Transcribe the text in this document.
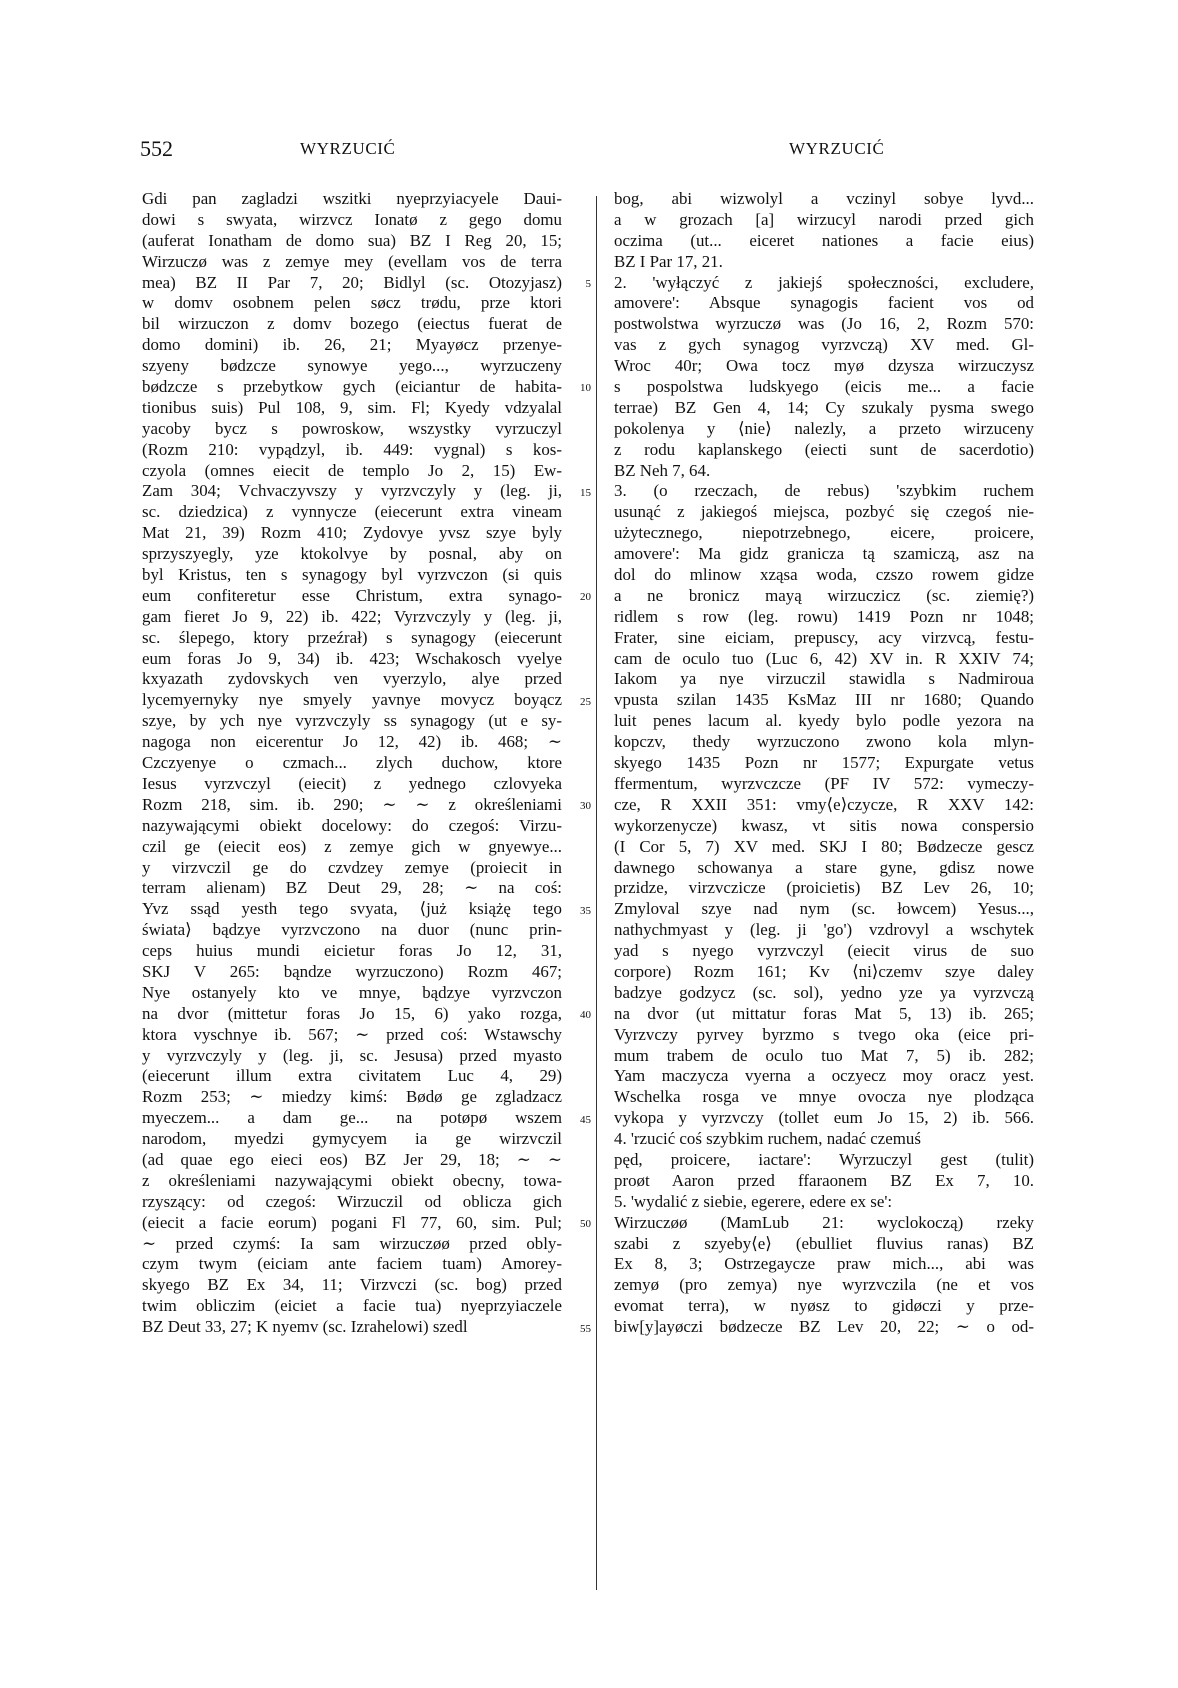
552	WYRZUCIĆ	WYRZUCIĆ
Gdi pan zagladzi wszitki nyeprzyiacyele Daui-
dowi s swyata, wirzvcz Ionatø z gego domu
(auferat Ionatham de domo sua) BZ I Reg 20, 15;
Wirzuczø was z zemye mey (evellam vos de terra
mea) BZ II Par 7, 20; Bidlyl (sc. Otozyjasz)
w domv osobnem pelen søcz trødu, prze ktori
bil wirzuczon z domv bozego (eiectus fuerat de
domo domini) ib. 26, 21; Myayøcz przenye-
szyeny bødzcze synowye yego..., wyrzuczeny
bødzcze s przebytkow gych (eiciantur de habita-
tionibus suis) Pul 108, 9, sim. Fl; Kyedy vdzyalal
yacoby bycz s powroskow, wszystky vyrzuczyl
(Rozm 210: vypądzyl, ib. 449: vygnal) s kos-
czyola (omnes eiecit de templo Jo 2, 15) Ew-
Zam 304; Vchvaczyvszy y vyrzvczyly y (leg. ji,
sc. dziedzica) z vynnycze (eiecerunt extra vineam
Mat 21, 39) Rozm 410; Zydovye yvsz szye byly
sprzyszyegly, yze ktokolvye by posnal, aby on
byl Kristus, ten s synagogy byl vyrzvczon (si quis
eum confiteretur esse Christum, extra synago-
gam fieret Jo 9, 22) ib. 422; Vyrzvczyly y (leg. ji,
sc. ślepego, ktory przeźrał) s synagogy (eiecerunt
eum foras Jo 9, 34) ib. 423; Wschakosch vyelye
kxyazath zydovskych ven vyerzylo, alye przed
lycemyernyky nye smyely yavnye movycz boyącz
szye, by ych nye vyrzvczyly ss synagogy (ut e sy-
nagoga non eicerentur Jo 12, 42) ib. 468; ∼
Czczyenye o czmach... zlych duchow, ktore
Iesus vyrzvczyl (eiecit) z yednego czlovyeka
Rozm 218, sim. ib. 290; ∼ ∼ z określeniami
nazywającymi obiekt docelowy: do czegoś: Virzu-
czil ge (eiecit eos) z zemye gich w gnyewye...
y virzvczil ge do czvdzey zemye (proiecit in
terram alienam) BZ Deut 29, 28; ∼ na coś:
Yvz ssąd yesth tego svyata, ⟨już książę tego
świata⟩ bądzye vyrzvczono na duor (nunc prin-
ceps huius mundi eicietur foras Jo 12, 31,
SKJ V 265: bąndze wyrzuczono) Rozm 467;
Nye ostanyely kto ve mnye, bądzye vyrzvczon
na dvor (mittetur foras Jo 15, 6) yako rozga,
ktora vyschnye ib. 567; ∼ przed coś: Wstawschy
y vyrzvczyly y (leg. ji, sc. Jesusa) przed myasto
(eiecerunt illum extra civitatem Luc 4, 29)
Rozm 253; ∼ miedzy kimś: Bødø ge zgladzacz
myeczem... a dam ge... na potøpø wszem
narodom, myedzi gymycyem ia ge wirzvczil
(ad quae ego eieci eos) BZ Jer 29, 18; ∼ ∼
z określeniami nazywającymi obiekt obecny, towa-
rzyszący: od czegoś: Wirzuczil od oblicza gich
(eiecit a facie eorum) pogani Fl 77, 60, sim. Pul;
∼ przed czymś: Ia sam wirzuczøø przed obly-
czym twym (eiciam ante faciem tuam) Amorey-
skyego BZ Ex 34, 11; Virzvczi (sc. bog) przed
twim obliczim (eiciet a facie tua) nyeprzyiaczele
BZ Deut 33, 27; K nyemv (sc. Izrahelowi) szedl
5
10
15
20
25
30
35
40
45
50
55
bog, abi wizwolyl a vczinyl sobye lyvd...
a w grozach [a] wirzucyl narodi przed gich
oczima (ut... eiceret nationes a facie eius)
BZ I Par 17, 21.
2. 'wyłączyć z jakiejś społeczności, excludere,
amovere': Absque synagogis facient vos od
postwolstwa wyrzuczø was (Jo 16, 2, Rozm 570:
vas z gych synagog vyrzvczą) XV med. Gl-
Wroc 40r; Owa tocz myø dzysza wirzuczysz
s pospolstwa ludskyego (eicis me... a facie
terrae) BZ Gen 4, 14; Cy szukaly pysma swego
pokolenya y ⟨nie⟩ nalezly, a przeto wirzuceny
z rodu kaplanskego (eiecti sunt de sacerdotio)
BZ Neh 7, 64.
3. (o rzeczach, de rebus) 'szybkim ruchem
usunąć z jakiegoś miejsca, pozbyć się czegoś nie-
użytecznego, niepotrzebnego, eicere, proicere,
amovere': Ma gidz granicza tą szamiczą, asz na
dol do mlinow xząsa woda, czszo rowem gidze
a ne bronicz mayą wirzuczicz (sc. ziemię?)
ridlem s row (leg. rowu) 1419 Pozn nr 1048;
Frater, sine eiciam, prepuscy, acy virzvcą, festu-
cam de oculo tuo (Luc 6, 42) XV in. R XXIV 74;
Iakom ya nye virzuczil stawidla s Nadmiroua
vpusta szilan 1435 KsMaz III nr 1680; Quando
luit penes lacum al. kyedy bylo podle yezora na
kopczv, thedy wyrzuczono zwono kola mlyn-
skyego 1435 Pozn nr 1577; Expurgate vetus
ffermentum, wyrzvczcze (PF IV 572: vymeczy-
cze, R XXII 351: vmy⟨e⟩czycze, R XXV 142:
wykorzenycze) kwasz, vt sitis nowa conspersio
(I Cor 5, 7) XV med. SKJ I 80; Bødzecze gescz
dawnego schowanya a stare gyne, gdisz nowe
przidze, virzvczicze (proicietis) BZ Lev 26, 10;
Zmyloval szye nad nym (sc. łowcem) Yesus...,
nathychmyast y (leg. ji 'go') vzdrovyl a wschytek
yad s nyego vyrzvczyl (eiecit virus de suo
corpore) Rozm 161; Kv ⟨ni⟩czemv szye daley
badzye godzycz (sc. sol), yedno yze ya vyrzvczą
na dvor (ut mittatur foras Mat 5, 13) ib. 265;
Vyrzvczy pyrvey byrzmo s tvego oka (eice pri-
mum trabem de oculo tuo Mat 7, 5) ib. 282;
Yam maczycza vyerna a oczyecz moy oracz yest.
Wschelka rosga ve mnye ovocza nye plodząca
vykopa y vyrzvczy (tollet eum Jo 15, 2) ib. 566.
4. 'rzucić coś szybkim ruchem, nadać czemuś
pęd, proicere, iactare': Wyrzuczyl gest (tulit)
proøt Aaron przed ffaraonem BZ Ex 7, 10.
5. 'wydalić z siebie, egerere, edere ex se':
Wirzuczøø (MamLub 21: wyclokoczą) rzeky
szabi z szyeby⟨e⟩ (ebulliet fluvius ranas) BZ
Ex 8, 3; Ostrzegaycze praw mich..., abi was
zemyø (pro zemya) nye wyrzvczila (ne et vos
evomat terra), w nyøsz to gidøczi y prze-
biw[y]ayøczi bødzecze BZ Lev 20, 22; ∼ o od-
